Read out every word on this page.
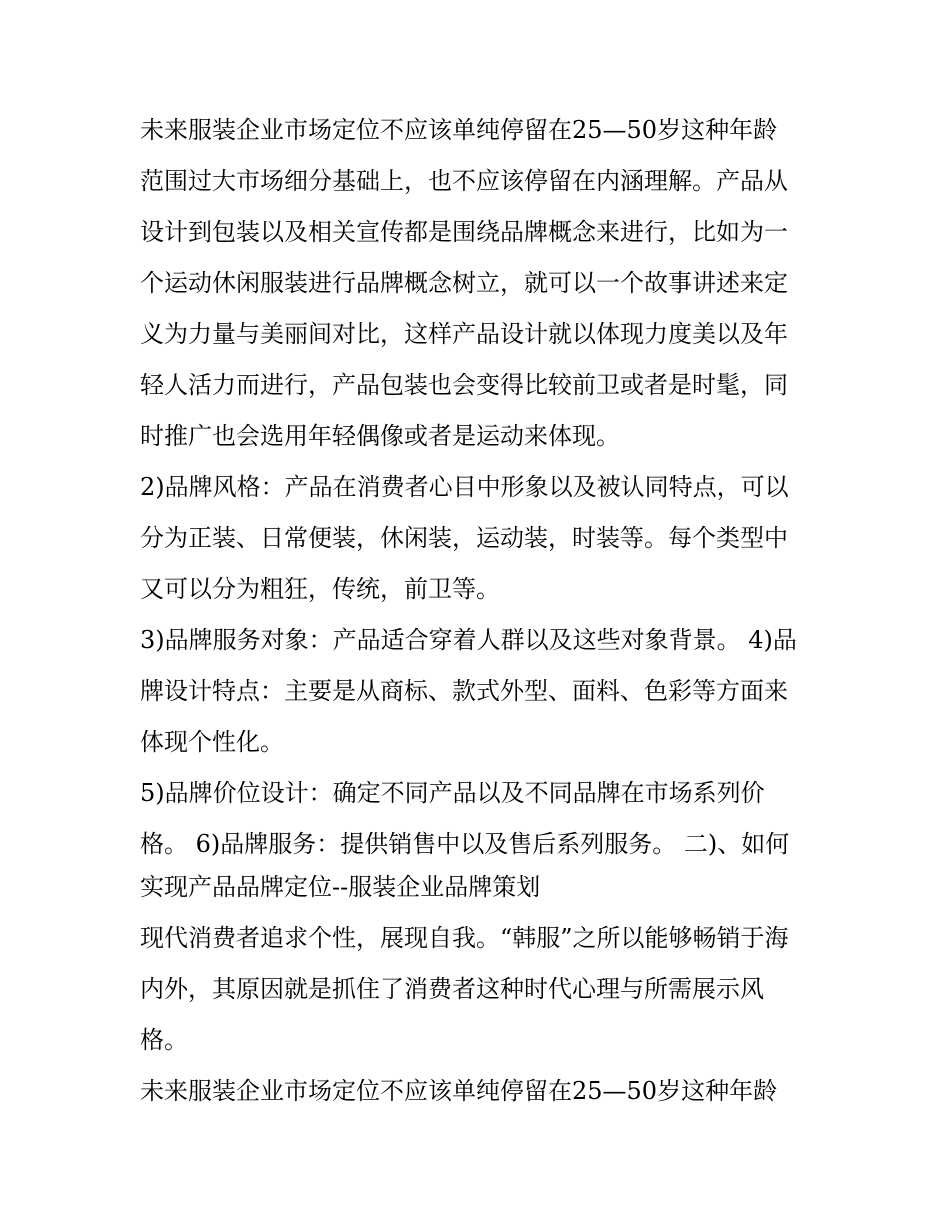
未来服装企业市场定位不应该单纯停留在25—50岁这种年龄
范围过大市场细分基础上，也不应该停留在内涵理解。产品从
设计到包装以及相关宣传都是围绕品牌概念来进行，比如为一
个运动休闲服装进行品牌概念树立，就可以一个故事讲述来定
义为力量与美丽间对比，这样产品设计就以体现力度美以及年
轻人活力而进行，产品包装也会变得比较前卫或者是时髦，同
时推广也会选用年轻偶像或者是运动来体现。
2)品牌风格：产品在消费者心目中形象以及被认同特点，可以
分为正装、日常便装，休闲装，运动装，时装等。每个类型中
又可以分为粗狂，传统，前卫等。
3)品牌服务对象：产品适合穿着人群以及这些对象背景。 4)品
牌设计特点：主要是从商标、款式外型、面料、色彩等方面来
体现个性化。
5)品牌价位设计：确定不同产品以及不同品牌在市场系列价
格。 6)品牌服务：提供销售中以及售后系列服务。 二)、如何
实现产品品牌定位--服装企业品牌策划
现代消费者追求个性，展现自我。“韩服”之所以能够畅销于海
内外，其原因就是抓住了消费者这种时代心理与所需展示风
格。
未来服装企业市场定位不应该单纯停留在25—50岁这种年龄
